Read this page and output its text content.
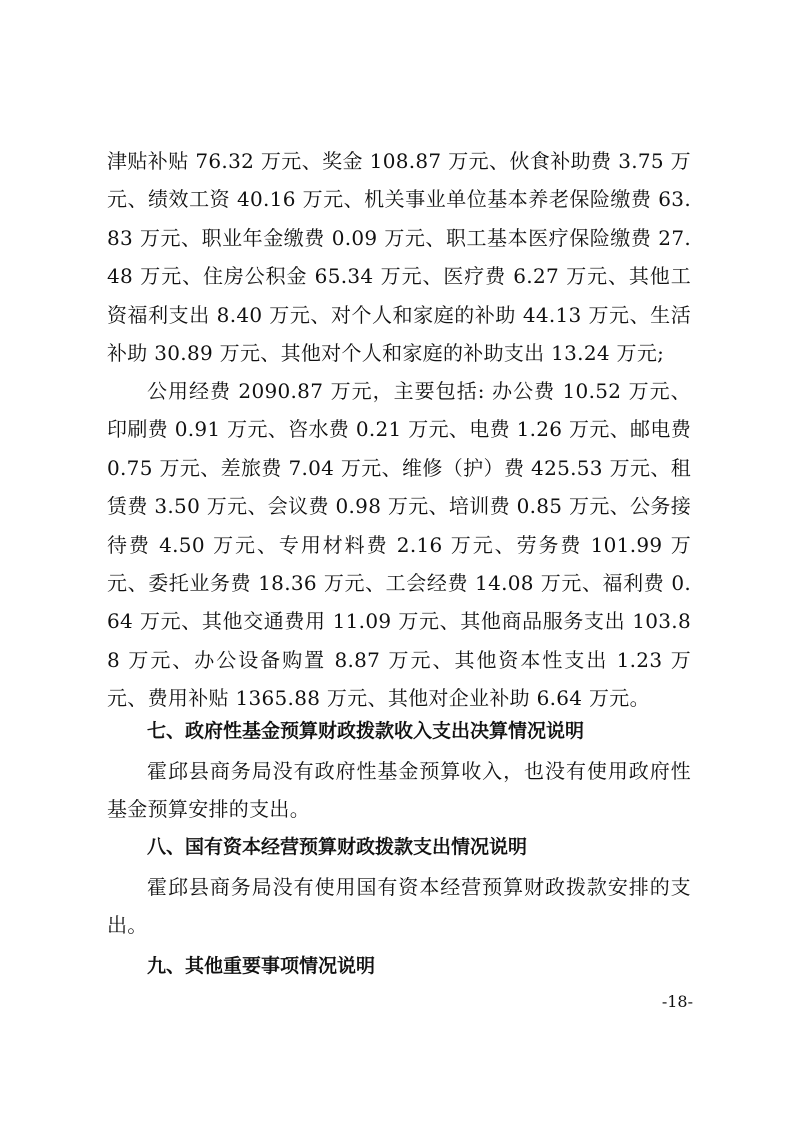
津贴补贴 76.32 万元、奖金 108.87 万元、伙食补助费 3.75 万元、绩效工资 40.16 万元、机关事业单位基本养老保险缴费 63.83 万元、职业年金缴费 0.09 万元、职工基本医疗保险缴费 27.48 万元、住房公积金 65.34 万元、医疗费 6.27 万元、其他工资福利支出 8.40 万元、对个人和家庭的补助 44.13 万元、生活补助 30.89 万元、其他对个人和家庭的补助支出 13.24 万元;

公用经费 2090.87 万元，主要包括: 办公费 10.52 万元、印刷费 0.91 万元、咨水费 0.21 万元、电费 1.26 万元、邮电费 0.75 万元、差旅费 7.04 万元、维修（护）费 425.53 万元、租赁费 3.50 万元、会议费 0.98 万元、培训费 0.85 万元、公务接待费 4.50 万元、专用材料费 2.16 万元、劳务费 101.99 万元、委托业务费 18.36 万元、工会经费 14.08 万元、福利费 0.64 万元、其他交通费用 11.09 万元、其他商品服务支出 103.88 万元、办公设备购置 8.87 万元、其他资本性支出 1.23 万元、费用补贴 1365.88 万元、其他对企业补助 6.64 万元。

七、政府性基金预算财政拨款收入支出决算情况说明

霍邱县商务局没有政府性基金预算收入，也没有使用政府性基金预算安排的支出。

八、国有资本经营预算财政拨款支出情况说明

霍邱县商务局没有使用国有资本经营预算财政拨款安排的支出。

九、其他重要事项情况说明
-18-
